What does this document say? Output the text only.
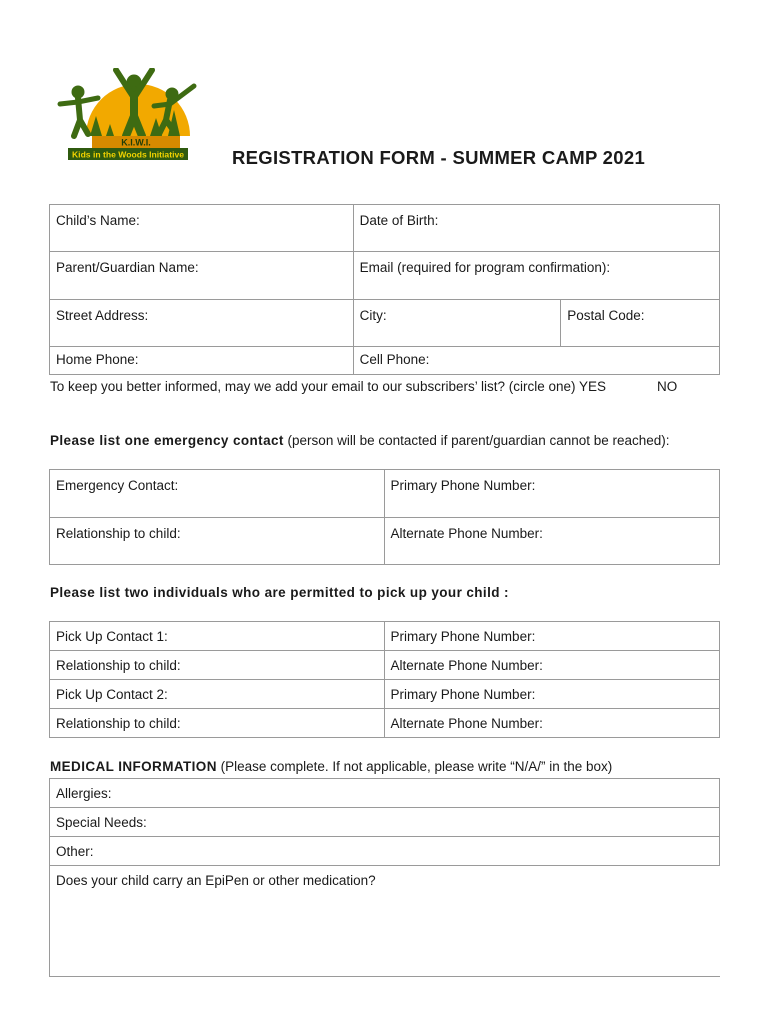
K.I.W.I.
Kids in the Woods Initiative	REGISTRATION FORM - SUMMER CAMP 2021
Child’s Name:	Date of Birth:	
Parent/Guardian Name:	Email (required for program confirmation):	
Street Address:	City:	Postal Code:
Home Phone:	Cell Phone:	
To keep you better informed, may we add your email to our subscribers’ list? (circle one) YES	NO
Please list one emergency contact (person will be contacted if parent/guardian cannot be reached):
Emergency Contact:	Primary Phone Number:
Relationship to child:	Alternate Phone Number:
Please list two individuals who are permitted to pick up your child :
Pick Up Contact 1:	Primary Phone Number:
Relationship to child:	Alternate Phone Number:
Pick Up Contact 2:	Primary Phone Number:
Relationship to child:	Alternate Phone Number:
MEDICAL INFORMATION (Please complete. If not applicable, please write “N/A/” in the box)
Allergies:
Special Needs:
Other:
Does your child carry an EpiPen or other medication?
